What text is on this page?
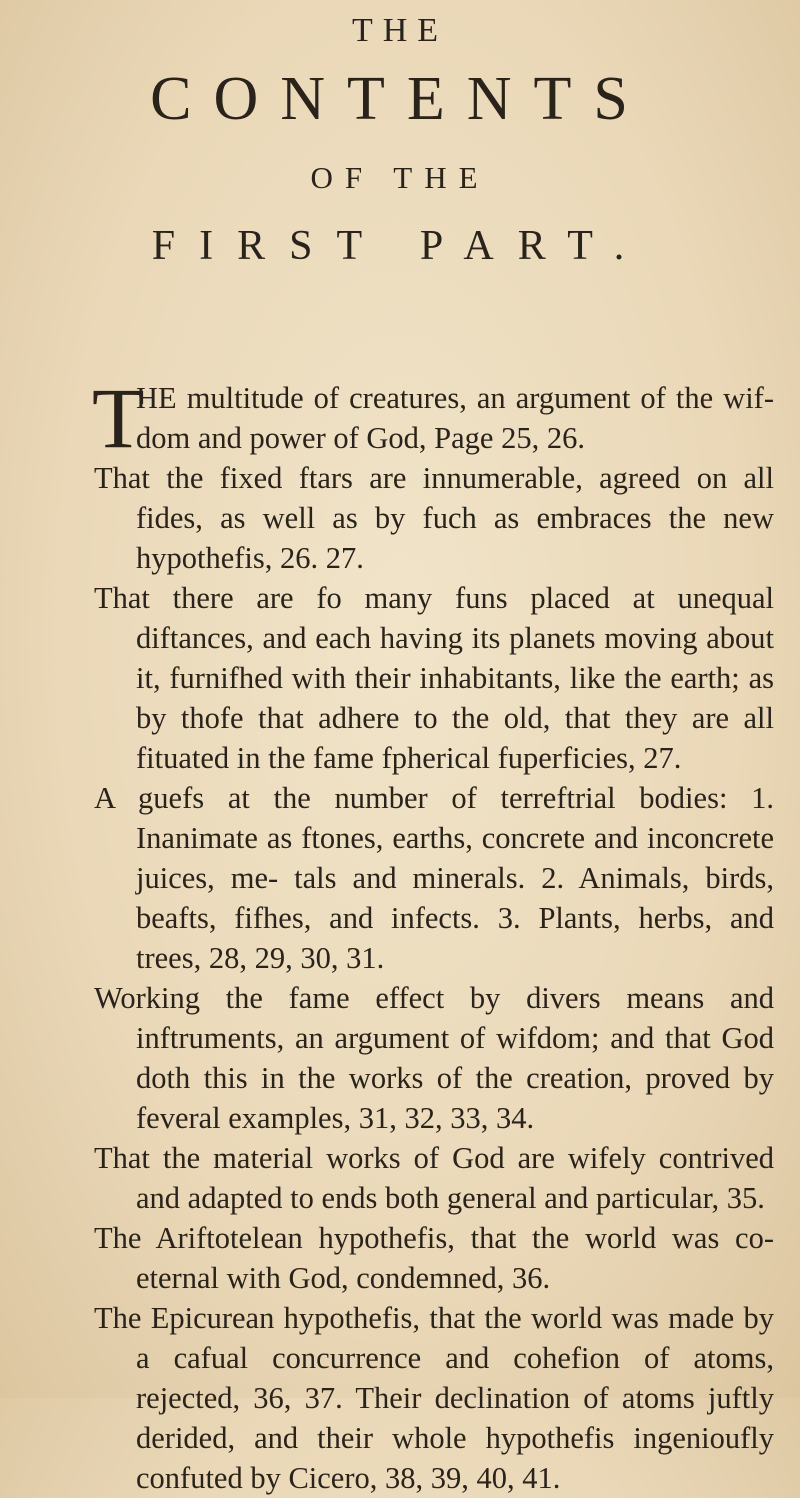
THE
CONTENTS
OF THE
FIRST PART.

T
HE multitude of creatures, an argument of the wif- dom and power of God, Page 25, 26.

That the fixed ftars are innumerable, agreed on all fides, as well as by fuch as embraces the new hypothefis, 26. 27.

That there are fo many funs placed at unequal diftances, and each having its planets moving about it, furnifhed with their inhabitants, like the earth; as by thofe that adhere to the old, that they are all fituated in the fame fpherical fuperficies, 27.

A guefs at the number of terreftrial bodies: 1. Inanimate as ftones, earths, concrete and inconcrete juices, me- tals and minerals. 2. Animals, birds, beafts, fifhes, and infects. 3. Plants, herbs, and trees, 28, 29, 30, 31.

Working the fame effect by divers means and inftruments, an argument of wifdom; and that God doth this in the works of the creation, proved by feveral examples, 31, 32, 33, 34.

That the material works of God are wifely contrived and adapted to ends both general and particular, 35.

The Ariftotelean hypothefis, that the world was co-eternal with God, condemned, 36.

The Epicurean hypothefis, that the world was made by a cafual concurrence and cohefion of atoms, rejected, 36, 37. Their declination of atoms juftly derided, and their whole hypothefis ingenioufly confuted by Cicero, 38, 39, 40, 41.
